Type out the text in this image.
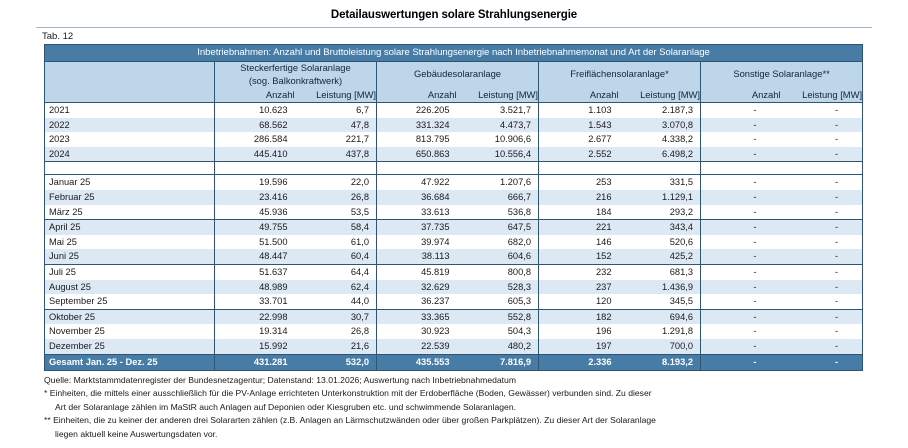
Detailauswertungen solare Strahlungsenergie
Tab. 12
Inbetriebnahmen: Anzahl und Bruttoleistung solare Strahlungsenergie nach Inbetriebnahmemonat und Art der Solaranlage								

	Steckerfertige Solaranlage
(sog. Balkonkraftwerk)		Gebäudesolaranlage		Freiflächensolaranlage*		Sonstige Solaranlage**	

	Anzahl	Leistung [MW]	Anzahl	Leistung [MW]	Anzahl	Leistung [MW]	Anzahl	Leistung [MW]
2021	10.623	6,7	226.205	3.521,7	1.103	2.187,3	-	-
2022	68.562	47,8	331.324	4.473,7	1.543	3.070,8	-	-
2023	286.584	221,7	813.795	10.906,6	2.677	4.338,2	-	-
2024	445.410	437,8	650.863	10.556,4	2.552	6.498,2	-	-

Januar 25	19.596	22,0	47.922	1.207,6	253	331,5	-	-
Februar 25	23.416	26,8	36.684	666,7	216	1.129,1	-	-
März 25	45.936	53,5	33.613	536,8	184	293,2	-	-
April 25	49.755	58,4	37.735	647,5	221	343,4	-	-
Mai 25	51.500	61,0	39.974	682,0	146	520,6	-	-
Juni 25	48.447	60,4	38.113	604,6	152	425,2	-	-
Juli 25	51.637	64,4	45.819	800,8	232	681,3	-	-
August 25	48.989	62,4	32.629	528,3	237	1.436,9	-	-
September 25	33.701	44,0	36.237	605,3	120	345,5	-	-
Oktober 25	22.998	30,7	33.365	552,8	182	694,6	-	-
November 25	19.314	26,8	30.923	504,3	196	1.291,8	-	-
Dezember 25	15.992	21,6	22.539	480,2	197	700,0	-	-
Gesamt Jan. 25 - Dez. 25	431.281	532,0	435.553	7.816,9	2.336	8.193,2	-	-
Quelle: Marktstammdatenregister der Bundesnetzagentur; Datenstand: 13.01.2026; Auswertung nach Inbetriebnahmedatum
* Einheiten, die mittels einer ausschließlich für die PV-Anlage errichteten Unterkonstruktion mit der Erdoberfläche (Boden, Gewässer) verbunden sind. Zu dieser
Art der Solaranlage zählen im MaStR auch Anlagen auf Deponien oder Kiesgruben etc. und schwimmende Solaranlagen.
** Einheiten, die zu keiner der anderen drei Solararten zählen (z.B. Anlagen an Lärmschutzwänden oder über großen Parkplätzen). Zu dieser Art der Solaranlage
liegen aktuell keine Auswertungsdaten vor.
